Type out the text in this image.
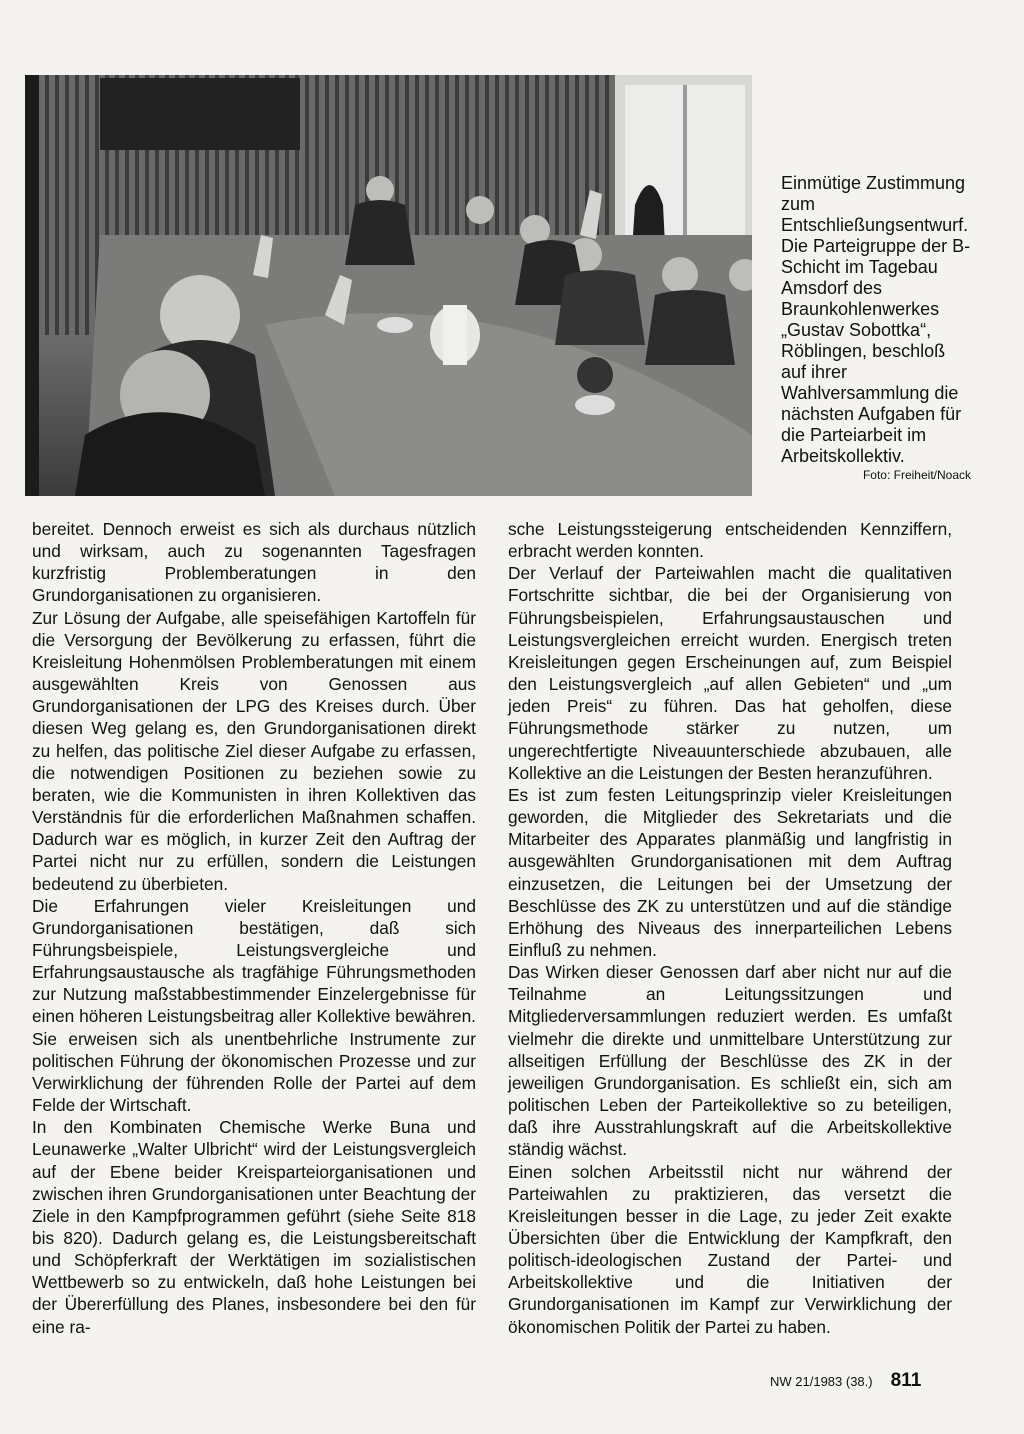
Einmütige Zustimmung zum Entschließungsentwurf. Die Parteigruppe der B-Schicht im Tagebau Amsdorf des Braunkohlenwerkes „Gustav Sobottka“, Röblingen, beschloß auf ihrer Wahlversammlung die nächsten Aufgaben für die Parteiarbeit im Arbeitskollektiv.

Foto: Freiheit/Noack

bereitet. Dennoch erweist es sich als durchaus nützlich und wirksam, auch zu sogenannten Tagesfragen kurzfristig Problemberatungen in den Grundorganisationen zu organisieren.

Zur Lösung der Aufgabe, alle speisefähigen Kartoffeln für die Versorgung der Bevölkerung zu erfassen, führt die Kreisleitung Hohenmölsen Problemberatungen mit einem ausgewählten Kreis von Genossen aus Grundorganisationen der LPG des Kreises durch. Über diesen Weg gelang es, den Grundorganisationen direkt zu helfen, das politische Ziel dieser Aufgabe zu erfassen, die notwendigen Positionen zu beziehen sowie zu beraten, wie die Kommunisten in ihren Kollektiven das Verständnis für die erforderlichen Maßnahmen schaffen. Dadurch war es möglich, in kurzer Zeit den Auftrag der Partei nicht nur zu erfüllen, sondern die Leistungen bedeutend zu überbieten.

Die Erfahrungen vieler Kreisleitungen und Grundorganisationen bestätigen, daß sich Führungsbeispiele, Leistungsvergleiche und Erfahrungsaustausche als tragfähige Führungsmethoden zur Nutzung maßstabbestimmender Einzelergebnisse für einen höheren Leistungsbeitrag aller Kollektive bewähren. Sie erweisen sich als unentbehrliche Instrumente zur politischen Führung der ökonomischen Prozesse und zur Verwirklichung der führenden Rolle der Partei auf dem Felde der Wirtschaft.

In den Kombinaten Chemische Werke Buna und Leunawerke „Walter Ulbricht“ wird der Leistungsvergleich auf der Ebene beider Kreisparteiorganisationen und zwischen ihren Grundorganisationen unter Beachtung der Ziele in den Kampfprogrammen geführt (siehe Seite 818 bis 820). Dadurch gelang es, die Leistungsbereitschaft und Schöpferkraft der Werktätigen im sozialistischen Wettbewerb so zu entwickeln, daß hohe Leistungen bei der Übererfüllung des Planes, insbesondere bei den für eine ra-

sche Leistungssteigerung entscheidenden Kennziffern, erbracht werden konnten.

Der Verlauf der Parteiwahlen macht die qualitativen Fortschritte sichtbar, die bei der Organisierung von Führungsbeispielen, Erfahrungsaustauschen und Leistungsvergleichen erreicht wurden. Energisch treten Kreisleitungen gegen Erscheinungen auf, zum Beispiel den Leistungsvergleich „auf allen Gebieten“ und „um jeden Preis“ zu führen. Das hat geholfen, diese Führungsmethode stärker zu nutzen, um ungerechtfertigte Niveauunterschiede abzubauen, alle Kollektive an die Leistungen der Besten heranzuführen.

Es ist zum festen Leitungsprinzip vieler Kreisleitungen geworden, die Mitglieder des Sekretariats und die Mitarbeiter des Apparates planmäßig und langfristig in ausgewählten Grundorganisationen mit dem Auftrag einzusetzen, die Leitungen bei der Umsetzung der Beschlüsse des ZK zu unterstützen und auf die ständige Erhöhung des Niveaus des innerparteilichen Lebens Einfluß zu nehmen.

Das Wirken dieser Genossen darf aber nicht nur auf die Teilnahme an Leitungssitzungen und Mitgliederversammlungen reduziert werden. Es umfaßt vielmehr die direkte und unmittelbare Unterstützung zur allseitigen Erfüllung der Beschlüsse des ZK in der jeweiligen Grundorganisation. Es schließt ein, sich am politischen Leben der Parteikollektive so zu beteiligen, daß ihre Ausstrahlungskraft auf die Arbeitskollektive ständig wächst.

Einen solchen Arbeitsstil nicht nur während der Parteiwahlen zu praktizieren, das versetzt die Kreisleitungen besser in die Lage, zu jeder Zeit exakte Übersichten über die Entwicklung der Kampfkraft, den politisch-ideologischen Zustand der Partei- und Arbeitskollektive und die Initiativen der Grundorganisationen im Kampf zur Verwirklichung der ökonomischen Politik der Partei zu haben.

NW 21/1983 (38.) 811
